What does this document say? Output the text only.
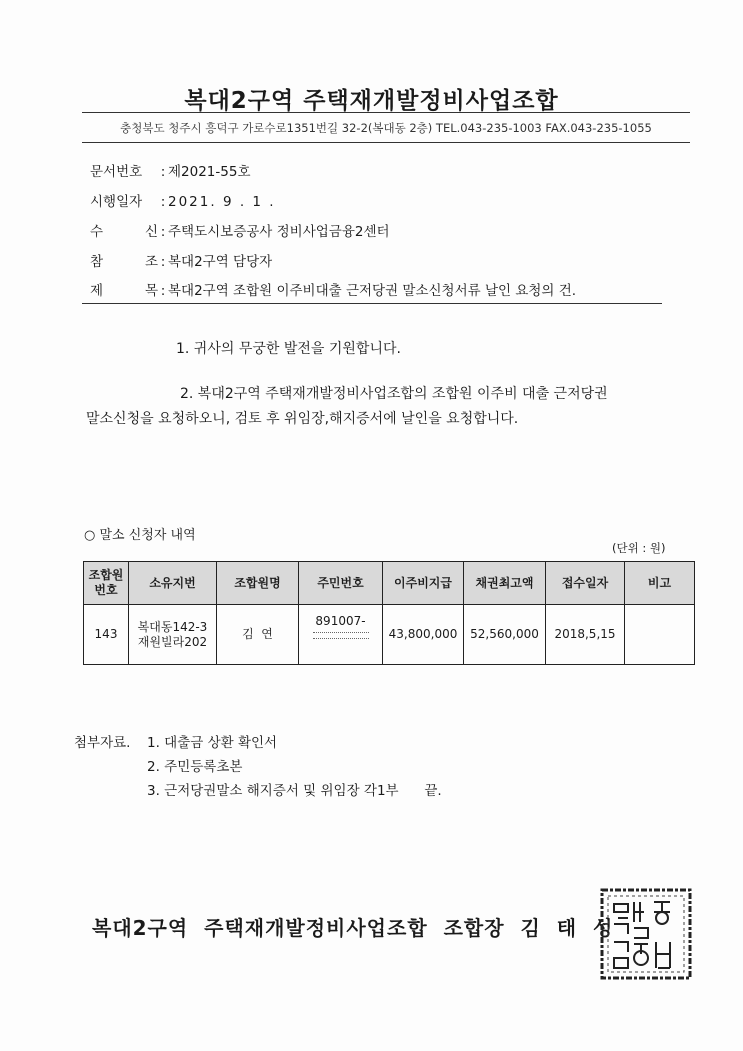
복대2구역 주택재개발정비사업조합
충청북도 청주시 흥덕구 가로수로1351번길 32-2(복대동 2층) TEL.043-235-1003 FAX.043-235-1055
문서번호 : 제2021-55호
시행일자 : 2021. 9 . 1 .
수 신 : 주택도시보증공사 정비사업금융2센터
참 조 : 복대2구역 담당자
제 목 : 복대2구역 조합원 이주비대출 근저당권 말소신청서류 날인 요청의 건.
1. 귀사의 무궁한 발전을 기원합니다.
2. 복대2구역 주택재개발정비사업조합의 조합원 이주비 대출 근저당권
말소신청을 요청하오니, 검토 후 위임장,해지증서에 날인을 요청합니다.
○ 말소 신청자 내역
(단위 : 원)
조합원
번호	소유지번	조합원명	주민번호	이주비지급	채권최고액	접수일자	비고
143	복대동142-3
재원빌라202	김  연	891007-	43,800,000	52,560,000	2018,5,15	
첨부자료. 1. 대출금 상환 확인서
2. 주민등록초본
3. 근저당권말소 해지증서 및 위임장 각1부      끝.
복대2구역  주택재개발정비사업조합  조합장  김  태  성
